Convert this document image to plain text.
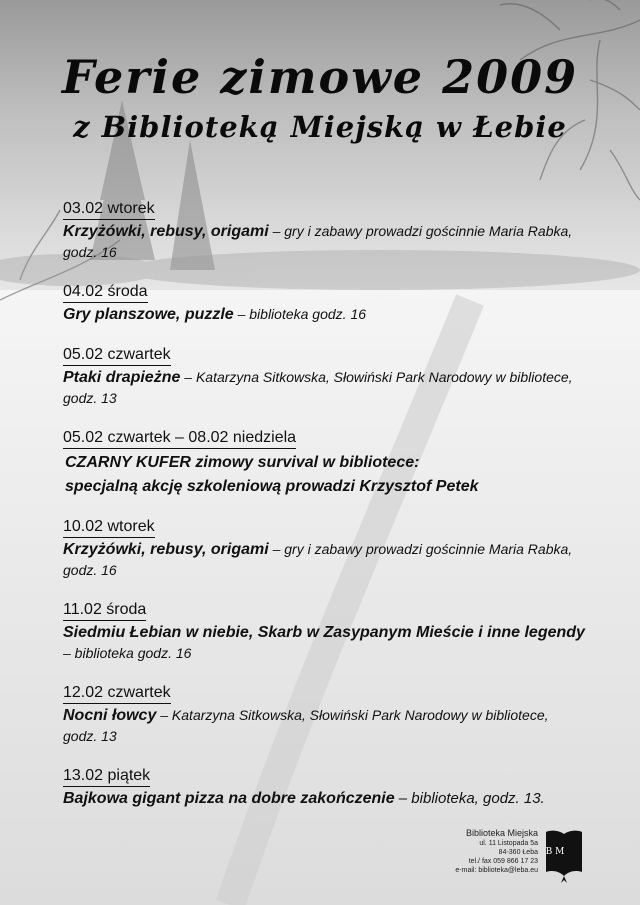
Ferie zimowe 2009
z Biblioteką Miejską w Łebie
03.02 wtorek
Krzyżówki, rebusy, origami – gry i zabawy prowadzi gościnnie Maria Rabka,
godz. 16
04.02 środa
Gry planszowe, puzzle – biblioteka godz. 16
05.02 czwartek
Ptaki drapieżne – Katarzyna Sitkowska, Słowiński Park Narodowy w bibliotece,
godz. 13
05.02 czwartek – 08.02 niedziela
CZARNY KUFER zimowy survival w bibliotece:
specjalną akcję szkoleniową prowadzi Krzysztof Petek
10.02 wtorek
Krzyżówki, rebusy, origami – gry i zabawy prowadzi gościnnie Maria Rabka,
godz. 16
11.02 środa
Siedmiu Łebian w niebie, Skarb w Zasypanym Mieście i inne legendy
– biblioteka godz. 16
12.02 czwartek
Nocni łowcy – Katarzyna Sitkowska, Słowiński Park Narodowy w bibliotece,
godz. 13
13.02 piątek
Bajkowa gigant pizza na dobre zakończenie – biblioteka, godz. 13.
Biblioteka Miejska
ul. 11 Listopada 5a
84-360 Łeba
tel./ fax 059 866 17 23
e-mail: biblioteka@leba.eu
B M
